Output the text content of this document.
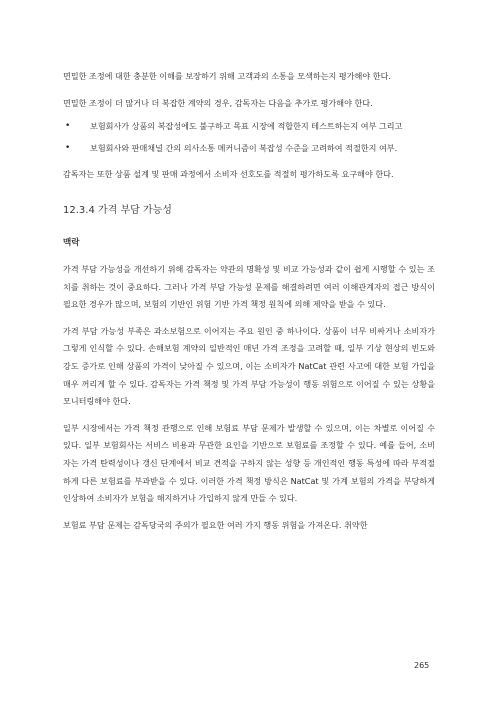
면밀한 조정에 대한 충분한 이해를 보장하기 위해 고객과의 소통을 모색하는지 평가해야 한다.

면밀한 조정이 더 많거나 더 복잡한 계약의 경우, 감독자는 다음을 추가로 평가해야 한다.

• 보험회사가 상품의 복잡성에도 불구하고 목표 시장에 적합한지 테스트하는지 여부 그리고
• 보험회사와 판매채널 간의 의사소통 메커니즘이 복잡성 수준을 고려하여 적절한지 여부.

감독자는 또한 상품 설계 및 판매 과정에서 소비자 선호도를 적절히 평가하도록 요구해야 한다.

12.3.4 가격 부담 가능성
맥락

가격 부담 가능성을 개선하기 위해 감독자는 약관의 명확성 및 비교 가능성과 같이 쉽게 시행할 수 있는 조치를 취하는 것이 중요하다. 그러나 가격 부담 가능성 문제를 해결하려면 여러 이해관계자의 접근 방식이 필요한 경우가 많으며, 보험의 기반인 위험 기반 가격 책정 원칙에 의해 제약을 받을 수 있다.

가격 부담 가능성 부족은 과소보험으로 이어지는 주요 원인 중 하나이다. 상품이 너무 비싸거나 소비자가 그렇게 인식할 수 있다. 손해보험 계약의 일반적인 매년 가격 조정을 고려할 때, 일부 기상 현상의 빈도와 강도 증가로 인해 상품의 가격이 낮아질 수 있으며, 이는 소비자가 NatCat 관련 사고에 대한 보험 가입을 매우 꺼리게 할 수 있다. 감독자는 가격 책정 및 가격 부담 가능성이 행동 위험으로 이어질 수 있는 상황을 모니터링해야 한다.

일부 시장에서는 가격 책정 관행으로 인해 보험료 부담 문제가 발생할 수 있으며, 이는 차별로 이어질 수 있다. 일부 보험회사는 서비스 비용과 무관한 요인을 기반으로 보험료를 조정할 수 있다. 예를 들어, 소비자는 가격 탄력성이나 갱신 단계에서 비교 견적을 구하지 않는 성향 등 개인적인 행동 특성에 따라 부적절하게 다른 보험료를 부과받을 수 있다. 이러한 가격 책정 방식은 NatCat 및 가계 보험의 가격을 부당하게 인상하여 소비자가 보험을 해지하거나 가입하지 않게 만들 수 있다.

보험료 부담 문제는 감독당국의 주의가 필요한 여러 가지 행동 위험을 가져온다. 취약한

265
